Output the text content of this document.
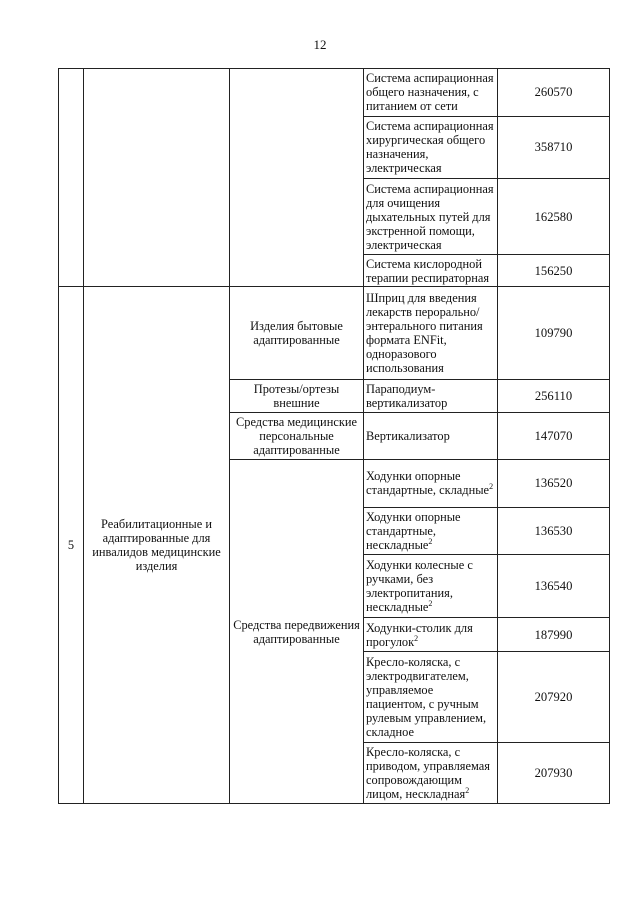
12
			Система аспирационная общего назначения, с питанием от сети	260570
			Система аспирационная хирургическая общего назначения, электрическая	358710
			Система аспирационная для очищения дыхательных путей для экстренной помощи, электрическая	162580
			Система кислородной терапии респираторная	156250
5	Реабилитационные и адаптированные для инвалидов медицинские изделия	Изделия бытовые адаптированные	Шприц для введения лекарств перорально/ энтерального питания формата ENFit, одноразового использования	109790
		Протезы/ортезы внешние	Параподиум-вертикализатор	256110
		Средства медицинские персональные адаптированные	Вертикализатор	147070
		Средства передвижения адаптированные	Ходунки опорные стандартные, складные$^2$	136520
			Ходунки опорные стандартные, нескладные$^2$	136530
			Ходунки колесные с ручками, без электропитания, нескладные$^2$	136540
			Ходунки-столик для прогулок$^2$	187990
			Кресло-коляска, с электродвигателем, управляемое пациентом, с ручным рулевым управлением, складное	207920
			Кресло-коляска, с приводом, управляемая сопровождающим лицом, нескладная$^2$	207930
